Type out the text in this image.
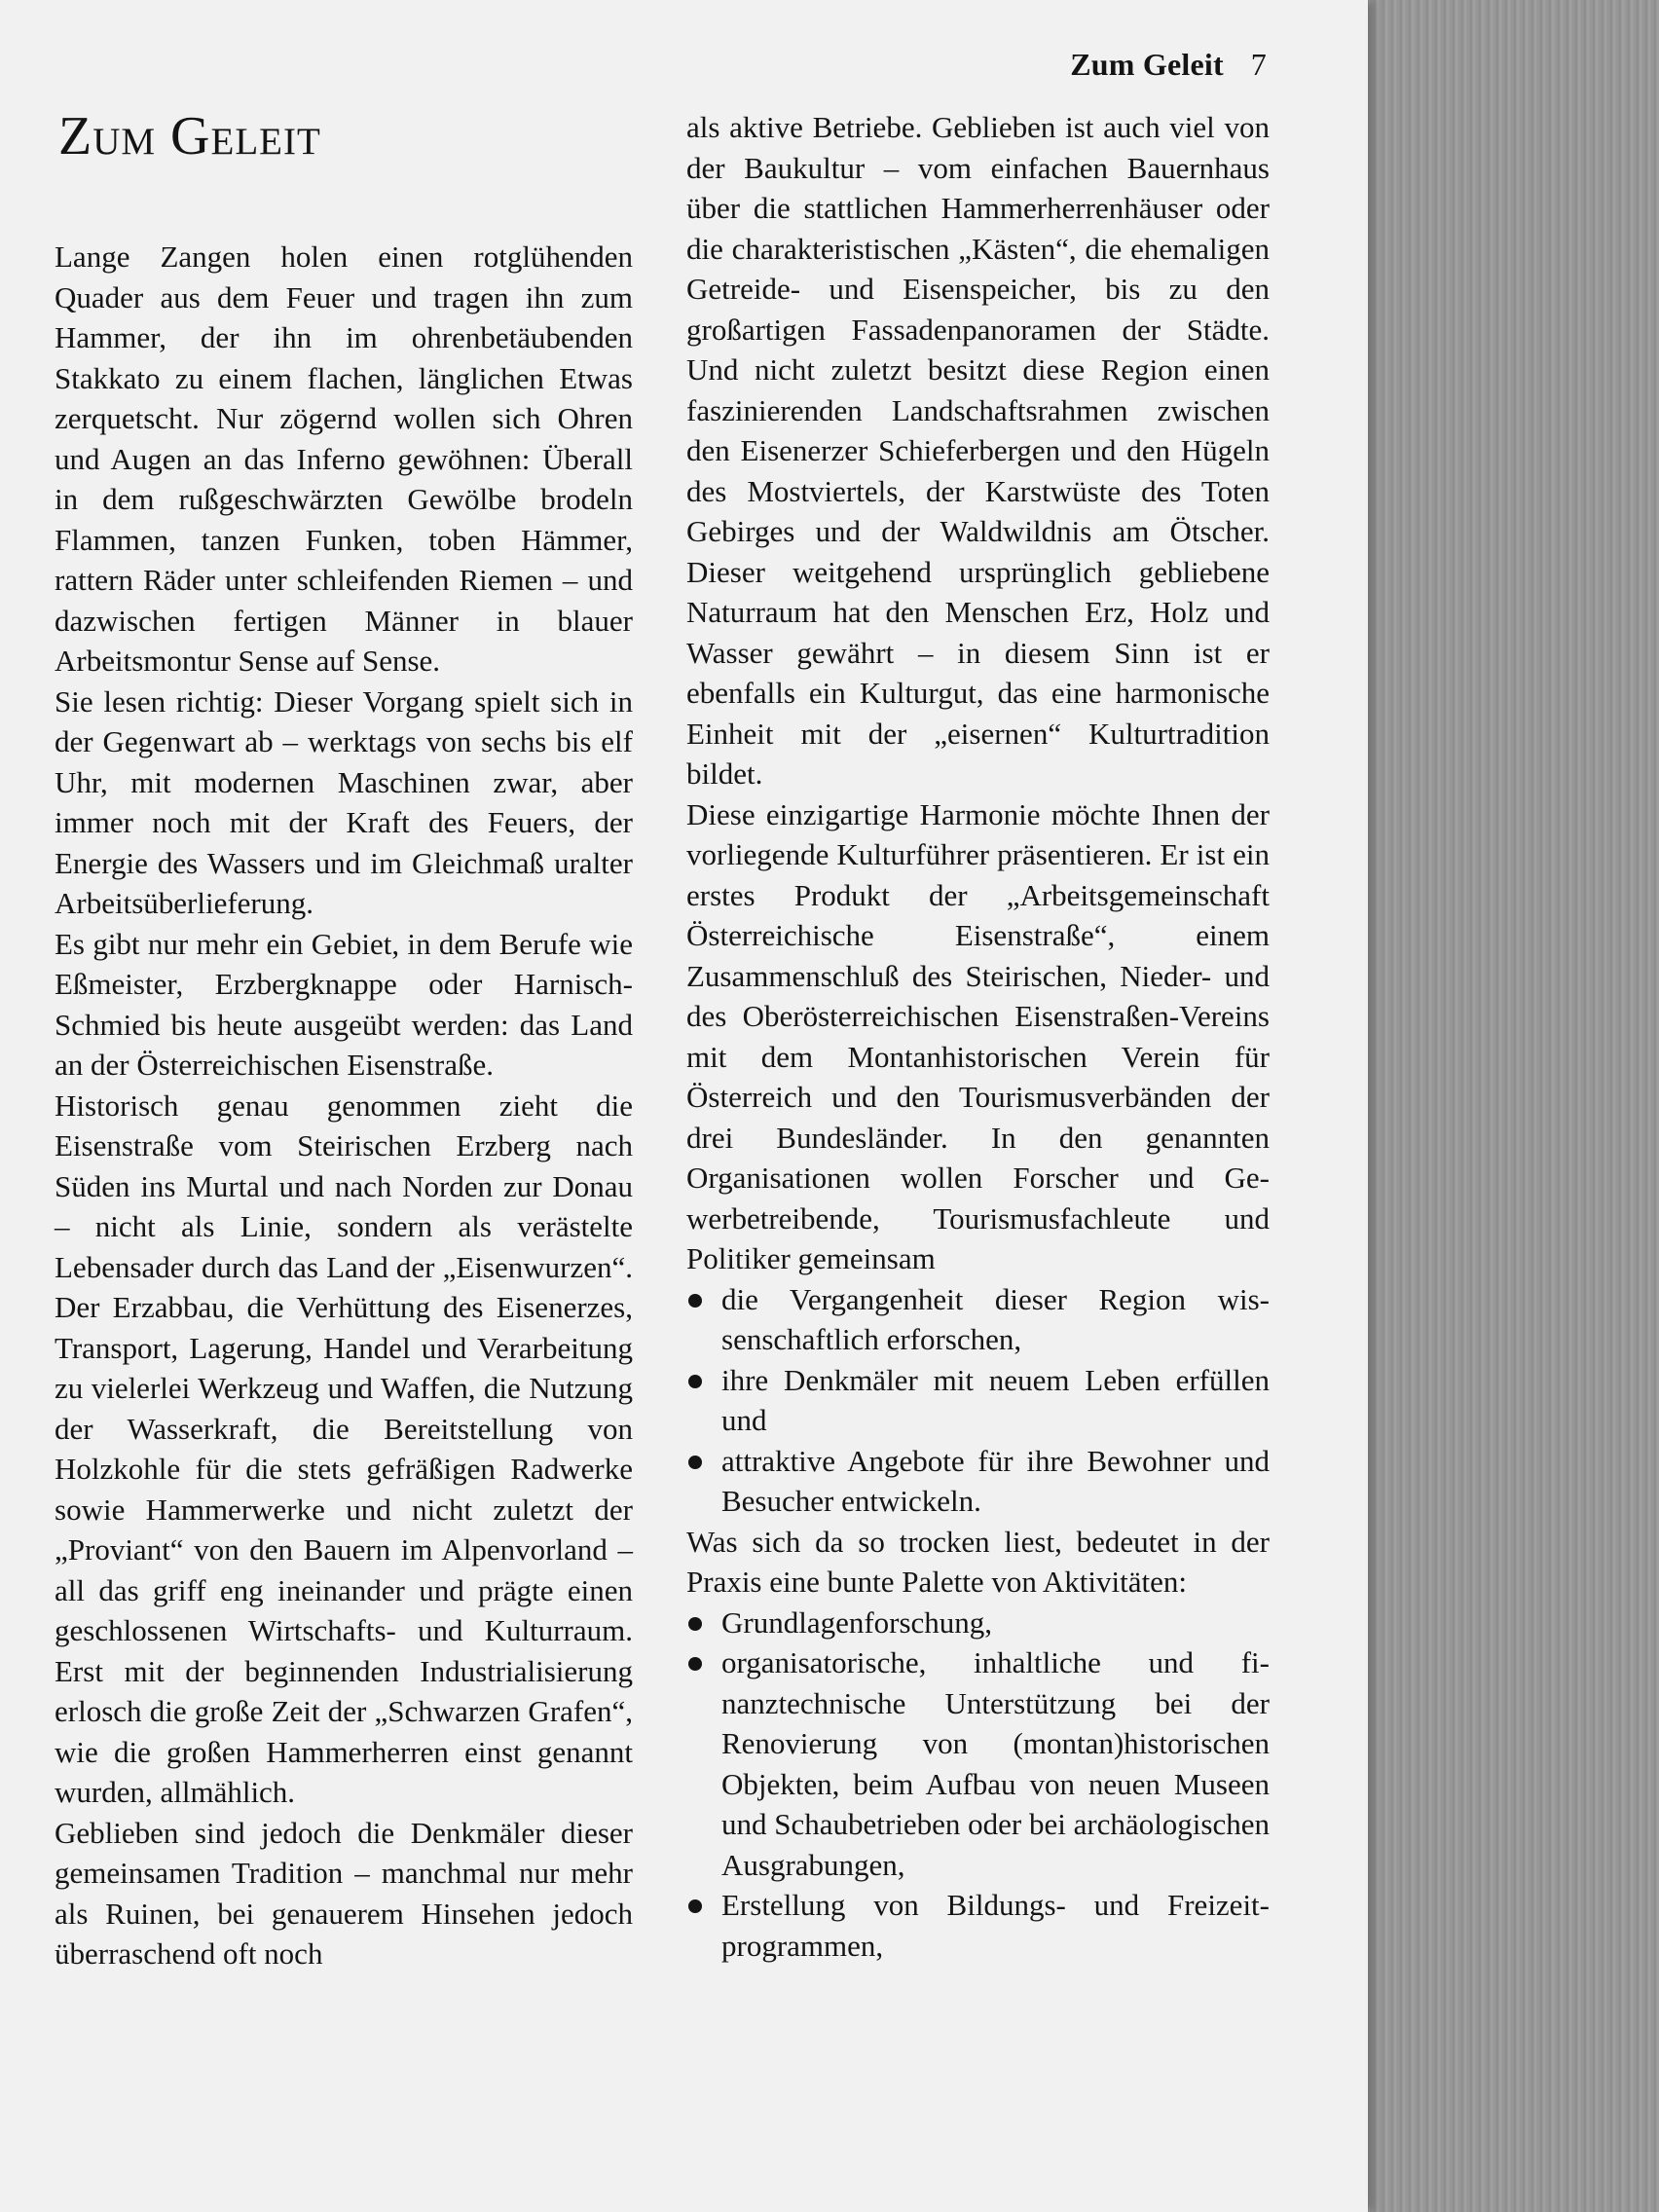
Zum Geleit 7
Zum Geleit

Lange Zangen holen einen rotglühenden Quader aus dem Feuer und tragen ihn zum Hammer, der ihn im ohrenbetäubenden Stakkato zu einem flachen, länglichen Etwas zerquetscht. Nur zögernd wollen sich Ohren und Augen an das Inferno gewöhnen: Überall in dem rußgeschwärzten Gewölbe brodeln Flammen, tanzen Funken, toben Hämmer, rattern Räder unter schleifenden Riemen – und dazwischen fertigen Männer in blauer Arbeitsmontur Sense auf Sense.

Sie lesen richtig: Dieser Vorgang spielt sich in der Gegenwart ab – werktags von sechs bis elf Uhr, mit modernen Maschinen zwar, aber immer noch mit der Kraft des Feuers, der Energie des Wassers und im Gleichmaß uralter Arbeitsüberlieferung.

Es gibt nur mehr ein Gebiet, in dem Berufe wie Eßmeister, Erzbergknappe oder Harnisch-Schmied bis heute ausgeübt werden: das Land an der Österreichischen Eisenstraße.

Historisch genau genommen zieht die Eisenstraße vom Steirischen Erzberg nach Süden ins Murtal und nach Norden zur Donau – nicht als Linie, sondern als verästelte Lebensader durch das Land der „Eisenwurzen“. Der Erzabbau, die Verhüttung des Eisenerzes, Transport, Lagerung, Handel und Verarbeitung zu vielerlei Werkzeug und Waffen, die Nutzung der Wasserkraft, die Bereitstellung von Holzkohle für die stets gefräßigen Radwerke sowie Hammerwerke und nicht zuletzt der „Proviant“ von den Bauern im Alpenvorland – all das griff eng ineinander und prägte einen geschlossenen Wirtschafts- und Kulturraum. Erst mit der beginnenden Industrialisierung erlosch die große Zeit der „Schwarzen Grafen“, wie die großen Hammerherren einst genannt wurden, allmählich.

Geblieben sind jedoch die Denkmäler dieser gemeinsamen Tradition – manchmal nur mehr als Ruinen, bei genauerem Hinsehen jedoch überraschend oft noch

als aktive Betriebe. Geblieben ist auch viel von der Baukultur – vom einfachen Bauernhaus über die stattlichen Hammerherrenhäuser oder die charakteristischen „Kästen“, die ehemaligen Getreide- und Eisenspeicher, bis zu den großartigen Fassadenpanoramen der Städte. Und nicht zuletzt besitzt diese Region einen faszinierenden Landschaftsrahmen zwischen den Eisenerzer Schieferbergen und den Hügeln des Mostviertels, der Karstwüste des Toten Gebirges und der Waldwildnis am Ötscher. Dieser weitgehend ursprünglich gebliebene Naturraum hat den Menschen Erz, Holz und Wasser gewährt – in diesem Sinn ist er ebenfalls ein Kulturgut, das eine harmonische Einheit mit der „eisernen“ Kulturtradition bildet.

Diese einzigartige Harmonie möchte Ihnen der vorliegende Kulturführer präsentieren. Er ist ein erstes Produkt der „Arbeitsgemeinschaft Österreichische Eisenstraße“, einem Zusammenschluß des Steirischen, Nieder- und des Oberösterreichischen Eisenstraßen-Vereins mit dem Montanhistorischen Verein für Österreich und den Tourismusverbänden der drei Bundesländer. In den genannten Organisationen wollen Forscher und Gewerbetreibende, Tourismusfachleute und Politiker gemeinsam

die Vergangenheit dieser Region wissenschaftlich erforschen,
ihre Denkmäler mit neuem Leben erfüllen und
attraktive Angebote für ihre Bewohner und Besucher entwickeln.

Was sich da so trocken liest, bedeutet in der Praxis eine bunte Palette von Aktivitäten:

Grundlagenforschung,
organisatorische, inhaltliche und finanztechnische Unterstützung bei der Renovierung von (montan)historischen Objekten, beim Aufbau von neuen Museen und Schaubetrieben oder bei archäologischen Ausgrabungen,
Erstellung von Bildungs- und Freizeitprogrammen,
